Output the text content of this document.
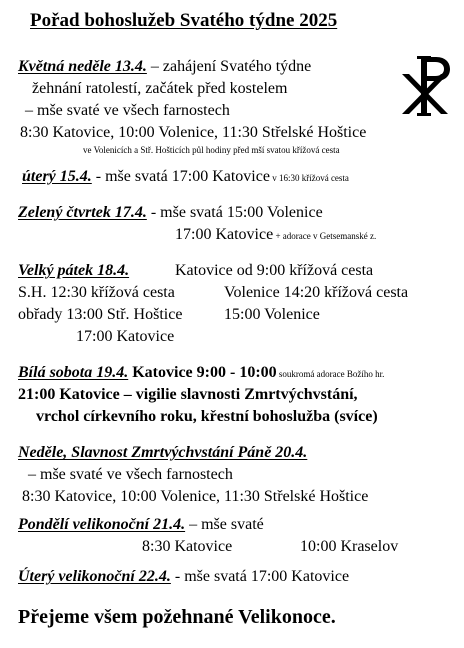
Pořad bohoslužeb Svatého týdne 2025
Květná neděle 13.4. – zahájení Svatého týdne
žehnání ratolestí, začátek před kostelem
– mše svaté ve všech farnostech
8:30 Katovice, 10:00 Volenice, 11:30 Střelské Hoštice
ve Volenicích a Stř. Hošticích půl hodiny před mší svatou křížová cesta
úterý 15.4. - mše svatá 17:00 Katovice v 16:30 křížová cesta
Zelený čtvrtek 17.4. - mše svatá 15:00 Volenice
17:00 Katovice + adorace v Getsemanské z.
Velký pátek 18.4.	Katovice od 9:00 křížová cesta
S.H. 12:30 křížová cesta	Volenice 14:20 křížová cesta
obřady 13:00 Stř. Hoštice	15:00 Volenice
17:00 Katovice
Bílá sobota 19.4. Katovice 9:00 - 10:00 soukromá adorace Božího hr.
21:00 Katovice – vigilie slavnosti Zmrtvýchvstání,
vrchol církevního roku, křestní bohoslužba (svíce)
Neděle, Slavnost Zmrtvýchvstání Páně 20.4.
– mše svaté ve všech farnostech
8:30 Katovice, 10:00 Volenice, 11:30 Střelské Hoštice
Pondělí velikonoční 21.4. – mše svaté
8:30 Katovice	10:00 Kraselov
Úterý velikonoční 22.4. - mše svatá 17:00 Katovice
Přejeme všem požehnané Velikonoce.
